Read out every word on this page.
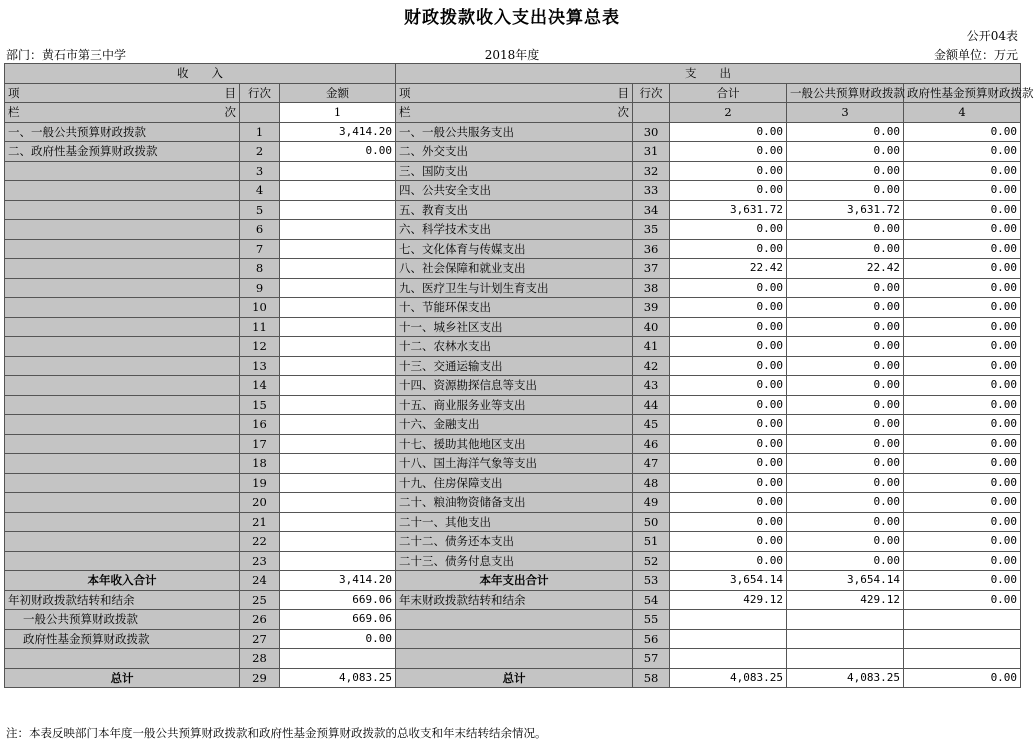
财政拨款收入支出决算总表
公开04表
部门：黄石市第三中学	2018年度	金额单位：万元
收　　入			支　　出				

项 目	行次	金额	项 目	行次	合计	一般公共预算财政拨款	政府性基金预算财政拨款

栏 次		1	栏 次		2	3	4
一、一般公共预算财政拨款	1	3,414.20	一、一般公共服务支出	30	0.00	0.00	0.00
二、政府性基金预算财政拨款	2	0.00	二、外交支出	31	0.00	0.00	0.00
	3		三、国防支出	32	0.00	0.00	0.00
	4		四、公共安全支出	33	0.00	0.00	0.00
	5		五、教育支出	34	3,631.72	3,631.72	0.00
	6		六、科学技术支出	35	0.00	0.00	0.00
	7		七、文化体育与传媒支出	36	0.00	0.00	0.00
	8		八、社会保障和就业支出	37	22.42	22.42	0.00
	9		九、医疗卫生与计划生育支出	38	0.00	0.00	0.00
	10		十、节能环保支出	39	0.00	0.00	0.00
	11		十一、城乡社区支出	40	0.00	0.00	0.00
	12		十二、农林水支出	41	0.00	0.00	0.00
	13		十三、交通运输支出	42	0.00	0.00	0.00
	14		十四、资源勘探信息等支出	43	0.00	0.00	0.00
	15		十五、商业服务业等支出	44	0.00	0.00	0.00
	16		十六、金融支出	45	0.00	0.00	0.00
	17		十七、援助其他地区支出	46	0.00	0.00	0.00
	18		十八、国土海洋气象等支出	47	0.00	0.00	0.00
	19		十九、住房保障支出	48	0.00	0.00	0.00
	20		二十、粮油物资储备支出	49	0.00	0.00	0.00
	21		二十一、其他支出	50	0.00	0.00	0.00
	22		二十二、债务还本支出	51	0.00	0.00	0.00
	23		二十三、债务付息支出	52	0.00	0.00	0.00
本年收入合计	24	3,414.20	本年支出合计	53	3,654.14	3,654.14	0.00
年初财政拨款结转和结余	25	669.06	年末财政拨款结转和结余	54	429.12	429.12	0.00
一般公共预算财政拨款	26	669.06		55			
政府性基金预算财政拨款	27	0.00		56			
	28			57			
总计	29	4,083.25	总计	58	4,083.25	4,083.25	0.00
注：本表反映部门本年度一般公共预算财政拨款和政府性基金预算财政拨款的总收支和年末结转结余情况。
